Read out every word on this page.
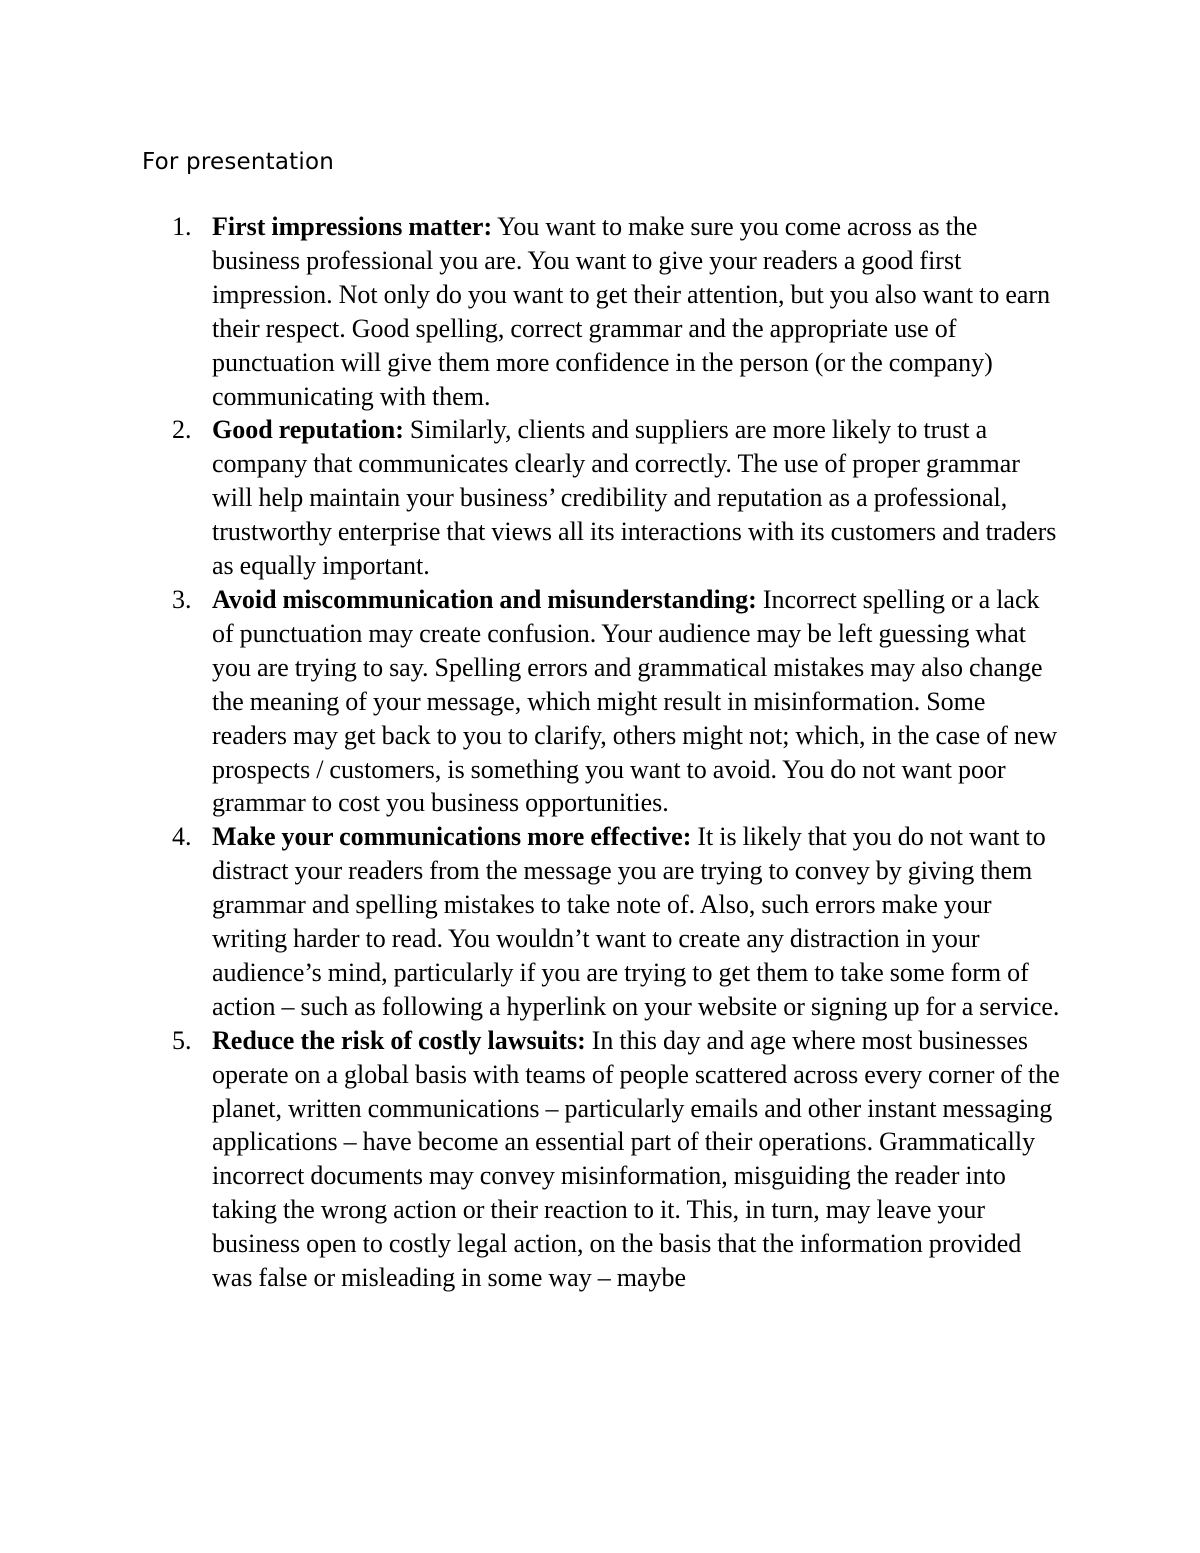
For presentation
1. First impressions matter: You want to make sure you come across as the business professional you are. You want to give your readers a good first impression. Not only do you want to get their attention, but you also want to earn their respect. Good spelling, correct grammar and the appropriate use of punctuation will give them more confidence in the person (or the company) communicating with them.
2. Good reputation: Similarly, clients and suppliers are more likely to trust a company that communicates clearly and correctly. The use of proper grammar will help maintain your business’ credibility and reputation as a professional, trustworthy enterprise that views all its interactions with its customers and traders as equally important.
3. Avoid miscommunication and misunderstanding: Incorrect spelling or a lack of punctuation may create confusion. Your audience may be left guessing what you are trying to say. Spelling errors and grammatical mistakes may also change the meaning of your message, which might result in misinformation. Some readers may get back to you to clarify, others might not; which, in the case of new prospects / customers, is something you want to avoid. You do not want poor grammar to cost you business opportunities.
4. Make your communications more effective: It is likely that you do not want to distract your readers from the message you are trying to convey by giving them grammar and spelling mistakes to take note of. Also, such errors make your writing harder to read. You wouldn’t want to create any distraction in your audience’s mind, particularly if you are trying to get them to take some form of action – such as following a hyperlink on your website or signing up for a service.
5. Reduce the risk of costly lawsuits: In this day and age where most businesses operate on a global basis with teams of people scattered across every corner of the planet, written communications – particularly emails and other instant messaging applications – have become an essential part of their operations. Grammatically incorrect documents may convey misinformation, misguiding the reader into taking the wrong action or their reaction to it. This, in turn, may leave your business open to costly legal action, on the basis that the information provided was false or misleading in some way – maybe
